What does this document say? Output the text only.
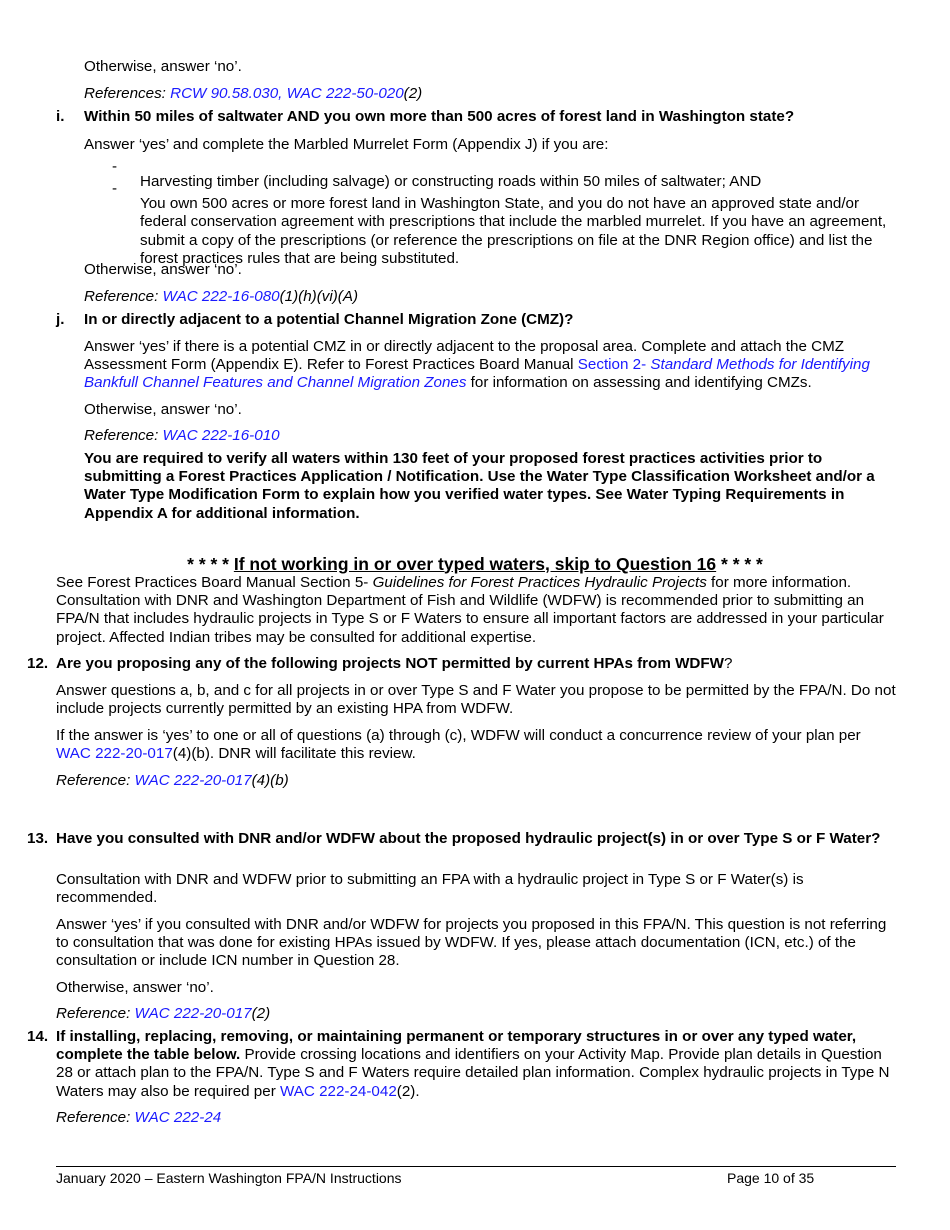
Otherwise, answer ‘no’.

References: RCW 90.58.030, WAC 222-50-020(2)

i. Within 50 miles of saltwater AND you own more than 500 acres of forest land in Washington state?

Answer ‘yes’ and complete the Marbled Murrelet Form (Appendix J) if you are:

-

Harvesting timber (including salvage) or constructing roads within 50 miles of saltwater; AND

-

You own 500 acres or more forest land in Washington State, and you do not have an approved state and/or federal conservation agreement with prescriptions that include the marbled murrelet. If you have an agreement, submit a copy of the prescriptions (or reference the prescriptions on file at the DNR Region office) and list the forest practices rules that are being substituted.

Otherwise, answer ‘no’.

Reference: WAC 222-16-080(1)(h)(vi)(A)

j. In or directly adjacent to a potential Channel Migration Zone (CMZ)?

Answer ‘yes’ if there is a potential CMZ in or directly adjacent to the proposal area. Complete and attach the CMZ Assessment Form (Appendix E). Refer to Forest Practices Board Manual Section 2- Standard Methods for Identifying Bankfull Channel Features and Channel Migration Zones for information on assessing and identifying CMZs.

Otherwise, answer ‘no’.

Reference: WAC 222-16-010

You are required to verify all waters within 130 feet of your proposed forest practices activities prior to submitting a Forest Practices Application / Notification. Use the Water Type Classification Worksheet and/or a Water Type Modification Form to explain how you verified water types. See Water Typing Requirements in Appendix A for additional information.

* * * * If not working in or over typed waters, skip to Question 16 * * * *

See Forest Practices Board Manual Section 5- Guidelines for Forest Practices Hydraulic Projects for more information. Consultation with DNR and Washington Department of Fish and Wildlife (WDFW) is recommended prior to submitting an FPA/N that includes hydraulic projects in Type S or F Waters to ensure all important factors are addressed in your particular project. Affected Indian tribes may be consulted for additional expertise.

12. Are you proposing any of the following projects NOT permitted by current HPAs from WDFW?

Answer questions a, b, and c for all projects in or over Type S and F Water you propose to be permitted by the FPA/N. Do not include projects currently permitted by an existing HPA from WDFW.

If the answer is ‘yes’ to one or all of questions (a) through (c), WDFW will conduct a concurrence review of your plan per WAC 222-20-017(4)(b). DNR will facilitate this review.

Reference: WAC 222-20-017(4)(b)

13. Have you consulted with DNR and/or WDFW about the proposed hydraulic project(s) in or over Type S or F Water?

Consultation with DNR and WDFW prior to submitting an FPA with a hydraulic project in Type S or F Water(s) is recommended.

Answer ‘yes’ if you consulted with DNR and/or WDFW for projects you proposed in this FPA/N. This question is not referring to consultation that was done for existing HPAs issued by WDFW. If yes, please attach documentation (ICN, etc.) of the consultation or include ICN number in Question 28.

Otherwise, answer ‘no’.

Reference: WAC 222-20-017(2)

14. If installing, replacing, removing, or maintaining permanent or temporary structures in or over any typed water, complete the table below. Provide crossing locations and identifiers on your Activity Map. Provide plan details in Question 28 or attach plan to the FPA/N. Type S and F Waters require detailed plan information. Complex hydraulic projects in Type N Waters may also be required per WAC 222-24-042(2).

Reference: WAC 222-24

January 2020 – Eastern Washington FPA/N Instructions	Page 10 of 35
